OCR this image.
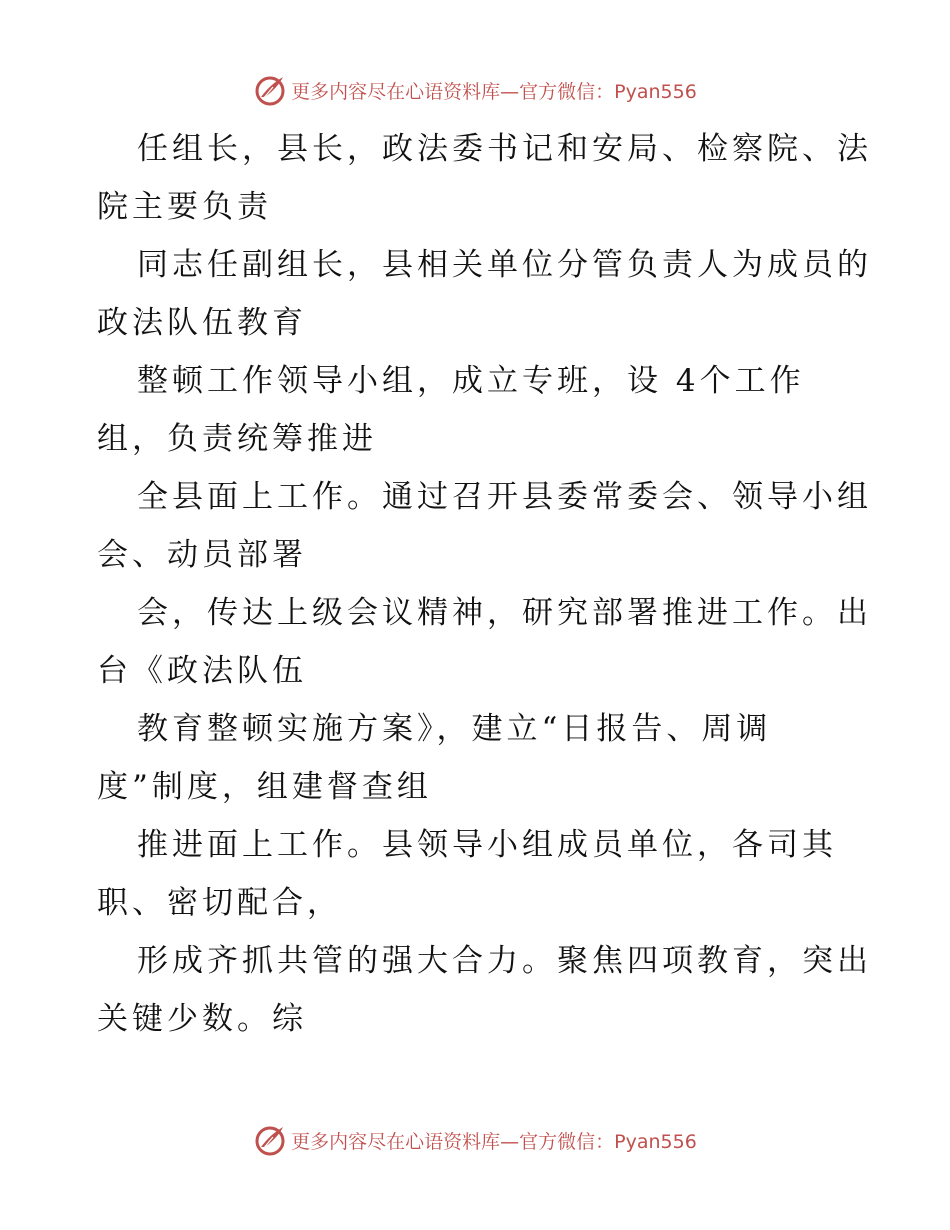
更多内容尽在心语资料库—官方微信：Pyan556
任组长，县长，政法委书记和安局、检察院、法
院主要负责
同志任副组长，县相关单位分管负责人为成员的
政法队伍教育
整顿工作领导小组，成立专班，设 4个工作
组，负责统筹推进
全县面上工作。通过召开县委常委会、领导小组
会、动员部署
会，传达上级会议精神，研究部署推进工作。出
台《政法队伍
教育整顿实施方案》，建立“日报告、周调
度”制度，组建督查组
推进面上工作。县领导小组成员单位，各司其
职、密切配合，
形成齐抓共管的强大合力。聚焦四项教育，突出
关键少数。综
更多内容尽在心语资料库—官方微信：Pyan556
